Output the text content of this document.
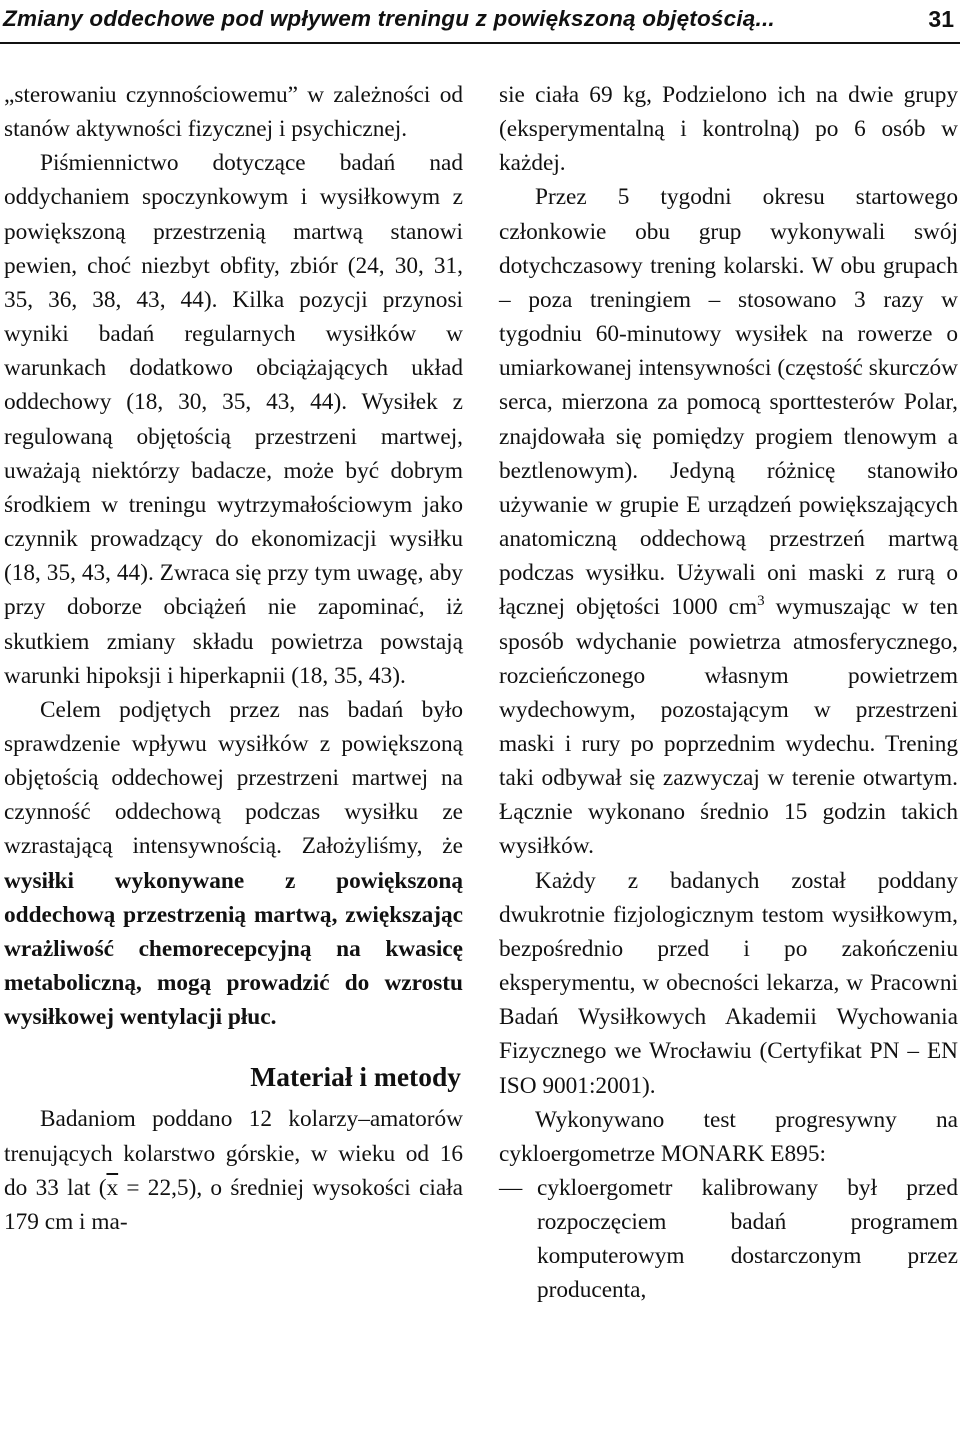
Zmiany oddechowe pod wpływem treningu z powiększoną objętością...	31

„sterowaniu czynnościowemu” w zależności od stanów aktywności fizycznej i psychicznej.

Piśmiennictwo dotyczące badań nad oddychaniem spoczynkowym i wysiłkowym z powiększoną przestrzenią martwą stanowi pewien, choć niezbyt obfity, zbiór (24, 30, 31, 35, 36, 38, 43, 44). Kilka pozycji przynosi wyniki badań regularnych wysiłków w warunkach dodatkowo obciążających układ oddechowy (18, 30, 35, 43, 44). Wysiłek z regulowaną objętością przestrzeni martwej, uważają niektórzy badacze, może być dobrym środkiem w treningu wytrzymałościowym jako czynnik prowadzący do ekonomizacji wysiłku (18, 35, 43, 44). Zwraca się przy tym uwagę, aby przy doborze obciążeń nie zapominać, iż skutkiem zmiany składu powietrza powstają warunki hipoksji i hiperkapnii (18, 35, 43).

Celem podjętych przez nas badań było sprawdzenie wpływu wysiłków z powiększoną objętością oddechowej przestrzeni martwej na czynność oddechową podczas wysiłku ze wzrastającą intensywnością. Założyliśmy, że wysiłki wykonywane z powiększoną oddechową przestrzenią martwą, zwiększając wrażliwość chemorecepcyjną na kwasicę metaboliczną, mogą prowadzić do wzrostu wysiłkowej wentylacji płuc.

Materiał i metody

Badaniom poddano 12 kolarzy–amatorów trenujących kolarstwo górskie, w wieku od 16 do 33 lat $(\overline{x} = 22,5)$, o średniej wysokości ciała 179 cm i ma-

sie ciała 69 kg, Podzielono ich na dwie grupy (eksperymentalną i kontrolną) po 6 osób w każdej.

Przez 5 tygodni okresu startowego członkowie obu grup wykonywali swój dotychczasowy trening kolarski. W obu grupach – poza treningiem – stosowano 3 razy w tygodniu 60-minutowy wysiłek na rowerze o umiarkowanej intensywności (częstość skurczów serca, mierzona za pomocą sporttesterów Polar, znajdowała się pomiędzy progiem tlenowym a beztlenowym). Jedyną różnicę stanowiło używanie w grupie E urządzeń powiększających anatomiczną oddechową przestrzeń martwą podczas wysiłku. Używali oni maski z rurą o łącznej objętości 1000 $cm^3$ wymuszając w ten sposób wdychanie powietrza atmosferycznego, rozcieńczonego własnym powietrzem wydechowym, pozostającym w przestrzeni maski i rury po poprzednim wydechu. Trening taki odbywał się zazwyczaj w terenie otwartym. Łącznie wykonano średnio 15 godzin takich wysiłków.

Każdy z badanych został poddany dwukrotnie fizjologicznym testom wysiłkowym, bezpośrednio przed i po zakończeniu eksperymentu, w obecności lekarza, w Pracowni Badań Wysiłkowych Akademii Wychowania Fizycznego we Wrocławiu (Certyfikat PN – EN ISO 9001:2001).

Wykonywano test progresywny na cykloergometrze MONARK E895:

— cykloergometr kalibrowany był przed rozpoczęciem badań programem komputerowym dostarczonym przez producenta,
